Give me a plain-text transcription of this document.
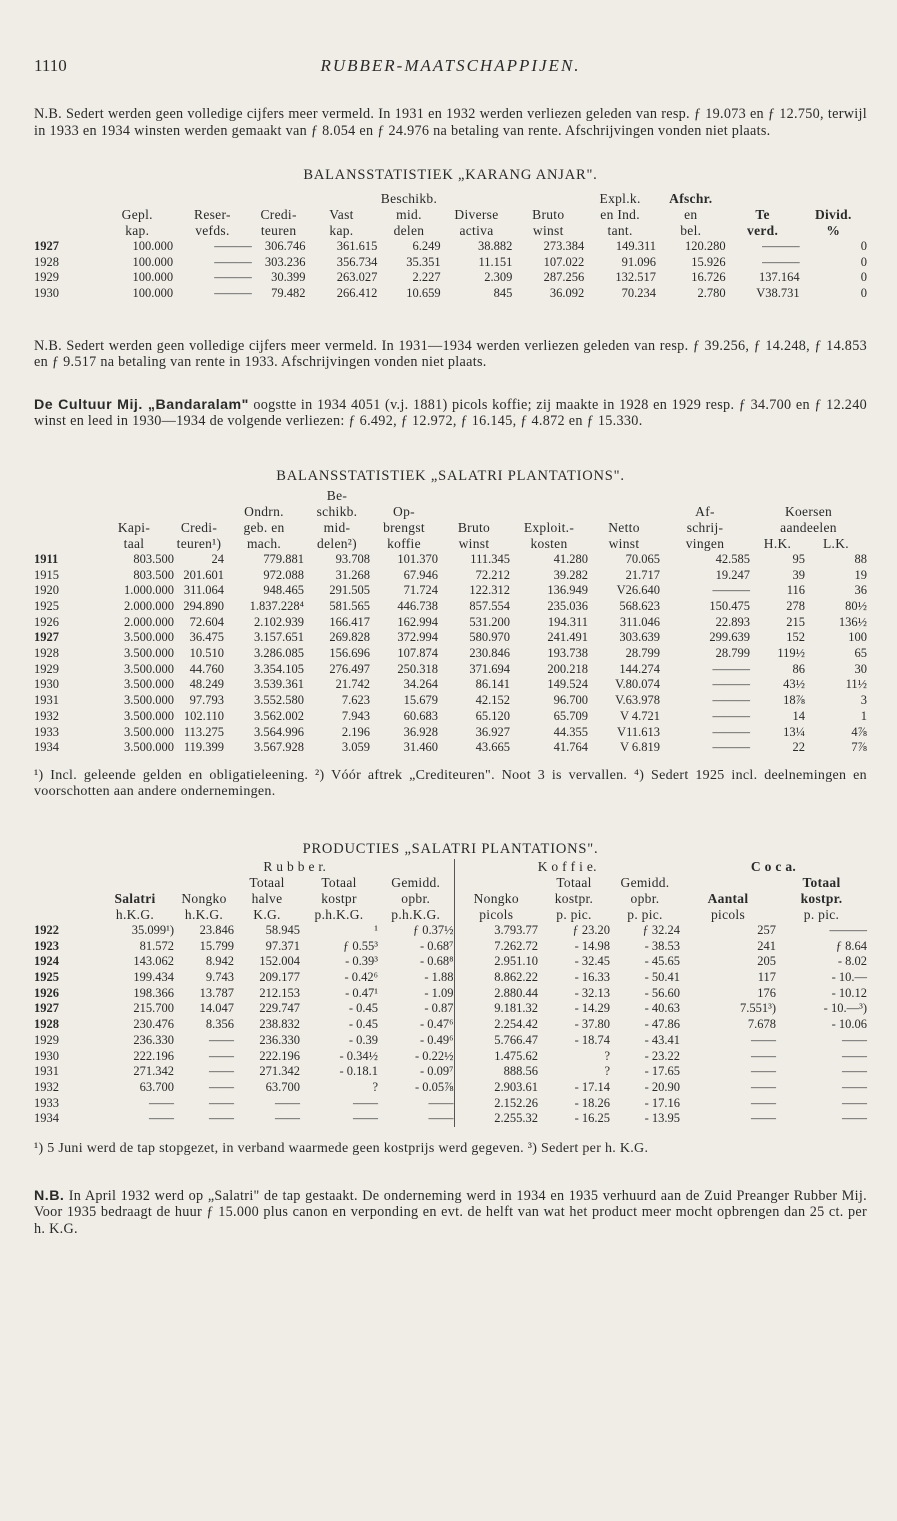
1110	RUBBER-MAATSCHAPPIJEN.

N.B. Sedert werden geen volledige cijfers meer vermeld. In 1931 en 1932 werden verliezen geleden van resp. ƒ 19.073 en ƒ 12.750, terwijl in 1933 en 1934 winsten werden gemaakt van ƒ 8.054 en ƒ 24.976 na betaling van rente. Afschrijvingen vonden niet plaats.

BALANSSTATISTIEK „KARANG ANJAR".

					Beschikb.			Expl.k.	Afschr.		
	Gepl.	Reser-	Credi-	Vast	mid.	Diverse	Bruto	en Ind.	en	Te	Divid.
	kap.	vefds.	teuren	kap.	delen	activa	winst	tant.	bel.	verd.	%
1927	100.000	———	306.746	361.615	6.249	38.882	273.384	149.311	120.280	———	0
1928	100.000	———	303.236	356.734	35.351	11.151	107.022	91.096	15.926	———	0
1929	100.000	———	30.399	263.027	2.227	2.309	287.256	132.517	16.726	137.164	0
1930	100.000	———	79.482	266.412	10.659	845	36.092	70.234	2.780	V38.731	0

N.B. Sedert werden geen volledige cijfers meer vermeld. In 1931—1934 werden verliezen geleden van resp. ƒ 39.256, ƒ 14.248, ƒ 14.853 en ƒ 9.517 na betaling van rente in 1933. Afschrijvingen vonden niet plaats.

De Cultuur Mij. „Bandaralam" oogstte in 1934 4051 (v.j. 1881) picols koffie; zij maakte in 1928 en 1929 resp. ƒ 34.700 en ƒ 12.240 winst en leed in 1930—1934 de volgende verliezen: ƒ 6.492, ƒ 12.972, ƒ 16.145, ƒ 4.872 en ƒ 15.330.

BALANSSTATISTIEK „SALATRI PLANTATIONS".

				Be-							
			Ondrn.	schikb.	Op-				Af-	Koersen	
	Kapi-	Credi-	geb. en	mid-	brengst	Bruto	Exploit.-	Netto	schrij-	aandeelen	
	taal	teuren¹)	mach.	delen²)	koffie	winst	kosten	winst	vingen	H.K.	L.K.
1911	803.500	24	779.881	93.708	101.370	111.345	41.280	70.065	42.585	95	88
1915	803.500	201.601	972.088	31.268	67.946	72.212	39.282	21.717	19.247	39	19
1920	1.000.000	311.064	948.465	291.505	71.724	122.312	136.949	V26.640	———	116	36
1925	2.000.000	294.890	1.837.228⁴	581.565	446.738	857.554	235.036	568.623	150.475	278	80½
1926	2.000.000	72.604	2.102.939	166.417	162.994	531.200	194.311	311.046	22.893	215	136½
1927	3.500.000	36.475	3.157.651	269.828	372.994	580.970	241.491	303.639	299.639	152	100
1928	3.500.000	10.510	3.286.085	156.696	107.874	230.846	193.738	28.799	28.799	119½	65
1929	3.500.000	44.760	3.354.105	276.497	250.318	371.694	200.218	144.274	———	86	30
1930	3.500.000	48.249	3.539.361	21.742	34.264	86.141	149.524	V.80.074	———	43½	11½
1931	3.500.000	97.793	3.552.580	7.623	15.679	42.152	96.700	V.63.978	———	18⅞	3
1932	3.500.000	102.110	3.562.002	7.943	60.683	65.120	65.709	V 4.721	———	14	1
1933	3.500.000	113.275	3.564.996	2.196	36.928	36.927	44.355	V11.613	———	13¼	4⅞
1934	3.500.000	119.399	3.567.928	3.059	31.460	43.665	41.764	V 6.819	———	22	7⅞

¹) Incl. geleende gelden en obligatieleening. ²) Vóór aftrek „Crediteuren". Noot 3 is vervallen. ⁴) Sedert 1925 incl. deelnemingen en voorschotten aan andere ondernemingen.

PRODUCTIES „SALATRI PLANTATIONS".

	R u b b e r.					K o f f i e.			C o c a.	
			Totaal	Totaal	Gemidd.		Totaal	Gemidd.		Totaal
	Salatri	Nongko	halve	kostpr	opbr.	Nongko	kostpr.	opbr.	Aantal	kostpr.
	h.K.G.	h.K.G.	K.G.	p.h.K.G.	p.h.K.G.	picols	p. pic.	p. pic.	picols	p. pic.
1922	35.099¹)	23.846	58.945	¹	ƒ 0.37½	3.793.77	ƒ 23.20	ƒ 32.24	257	———
1923	81.572	15.799	97.371	ƒ 0.55³	- 0.68⁷	7.262.72	- 14.98	- 38.53	241	ƒ 8.64
1924	143.062	8.942	152.004	- 0.39³	- 0.68⁸	2.951.10	- 32.45	- 45.65	205	- 8.02
1925	199.434	9.743	209.177	- 0.42⁶	- 1.88	8.862.22	- 16.33	- 50.41	117	- 10.—
1926	198.366	13.787	212.153	- 0.47¹	- 1.09	2.880.44	- 32.13	- 56.60	176	- 10.12
1927	215.700	14.047	229.747	- 0.45	- 0.87	9.181.32	- 14.29	- 40.63	7.551³)	- 10.—³)
1928	230.476	8.356	238.832	- 0.45	- 0.47⁶	2.254.42	- 37.80	- 47.86	7.678	- 10.06
1929	236.330	——	236.330	- 0.39	- 0.49⁶	5.766.47	- 18.74	- 43.41	——	——
1930	222.196	——	222.196	- 0.34½	- 0.22½	1.475.62	?	- 23.22	——	——
1931	271.342	——	271.342	- 0.18.1	- 0.09⁷	888.56	?	- 17.65	——	——
1932	63.700	——	63.700	?	- 0.05⅞	2.903.61	- 17.14	- 20.90	——	——
1933	——	——	——	——	——	2.152.26	- 18.26	- 17.16	——	——
1934	——	——	——	——	——	2.255.32	- 16.25	- 13.95	——	——

¹) 5 Juni werd de tap stopgezet, in verband waarmede geen kostprijs werd gegeven. ³) Sedert per h. K.G.

N.B. In April 1932 werd op „Salatri" de tap gestaakt. De onderneming werd in 1934 en 1935 verhuurd aan de Zuid Preanger Rubber Mij. Voor 1935 bedraagt de huur ƒ 15.000 plus canon en verponding en evt. de helft van wat het product meer mocht opbrengen dan 25 ct. per h. K.G.
